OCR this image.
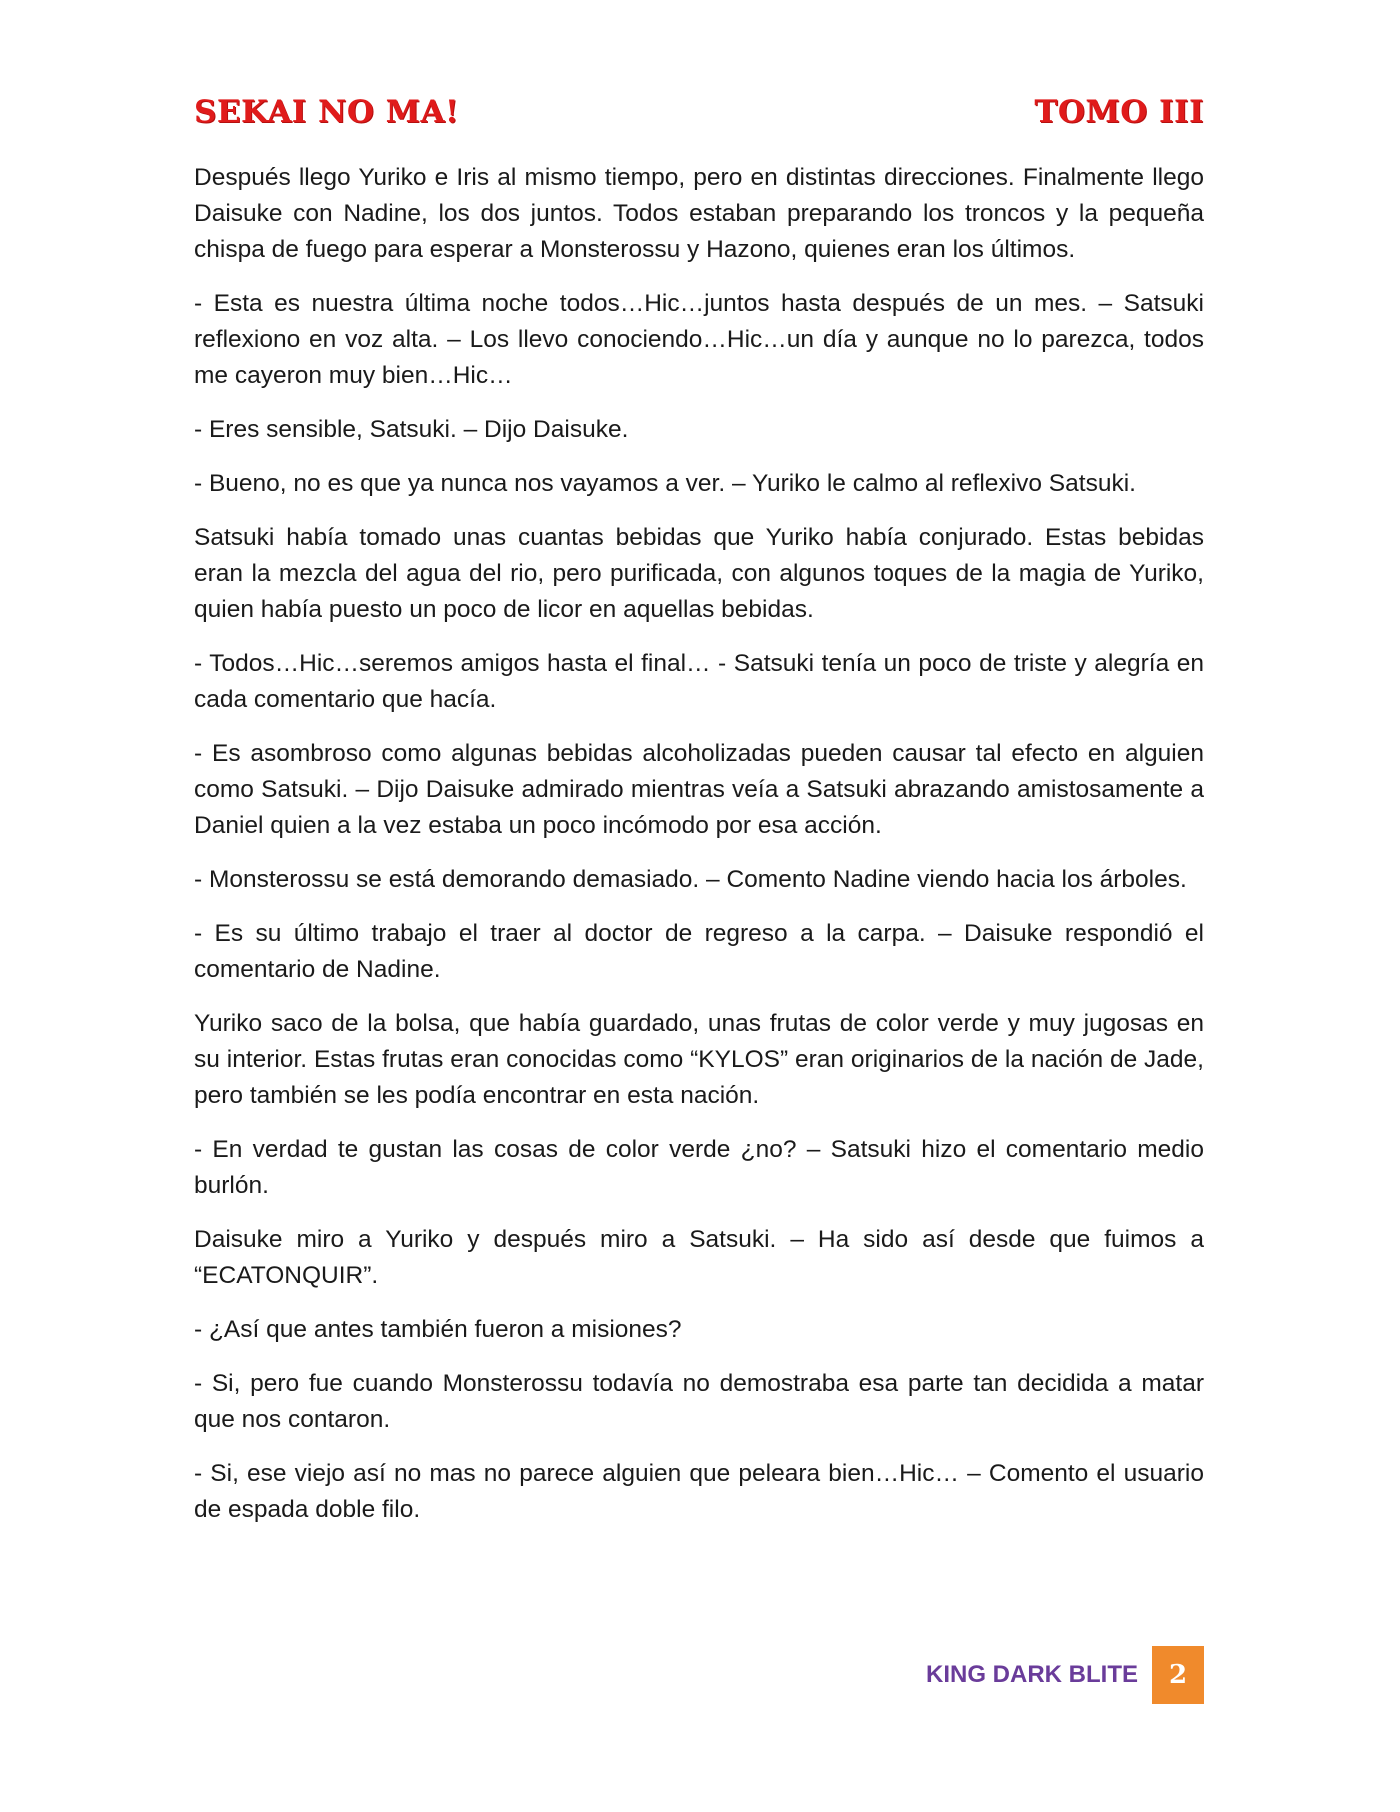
SEKAI NO MA!	TOMO III

Después llego Yuriko e Iris al mismo tiempo, pero en distintas direcciones. Finalmente llego Daisuke con Nadine, los dos juntos. Todos estaban preparando los troncos y la pequeña chispa de fuego para esperar a Monsterossu y Hazono, quienes eran los últimos.

- Esta es nuestra última noche todos…Hic…juntos hasta después de un mes. – Satsuki reflexiono en voz alta. – Los llevo conociendo…Hic…un día y aunque no lo parezca, todos me cayeron muy bien…Hic…

- Eres sensible, Satsuki. – Dijo Daisuke.

- Bueno, no es que ya nunca nos vayamos a ver. – Yuriko le calmo al reflexivo Satsuki.

Satsuki había tomado unas cuantas bebidas que Yuriko había conjurado. Estas bebidas eran la mezcla del agua del rio, pero purificada, con algunos toques de la magia de Yuriko, quien había puesto un poco de licor en aquellas bebidas.

- Todos…Hic…seremos amigos hasta el final… - Satsuki tenía un poco de triste y alegría en cada comentario que hacía.

- Es asombroso como algunas bebidas alcoholizadas pueden causar tal efecto en alguien como Satsuki. – Dijo Daisuke admirado mientras veía a Satsuki abrazando amistosamente a Daniel quien a la vez estaba un poco incómodo por esa acción.

- Monsterossu se está demorando demasiado. – Comento Nadine viendo hacia los árboles.

- Es su último trabajo el traer al doctor de regreso a la carpa. – Daisuke respondió el comentario de Nadine.

Yuriko saco de la bolsa, que había guardado, unas frutas de color verde y muy jugosas en su interior. Estas frutas eran conocidas como “KYLOS” eran originarios de la nación de Jade, pero también se les podía encontrar en esta nación.

- En verdad te gustan las cosas de color verde ¿no? – Satsuki hizo el comentario medio burlón.

Daisuke miro a Yuriko y después miro a Satsuki. – Ha sido así desde que fuimos a “ECATONQUIR”.

- ¿Así que antes también fueron a misiones?

- Si, pero fue cuando Monsterossu todavía no demostraba esa parte tan decidida a matar que nos contaron.

- Si, ese viejo así no mas no parece alguien que peleara bien…Hic… – Comento el usuario de espada doble filo.

KING DARK BLITE	2
